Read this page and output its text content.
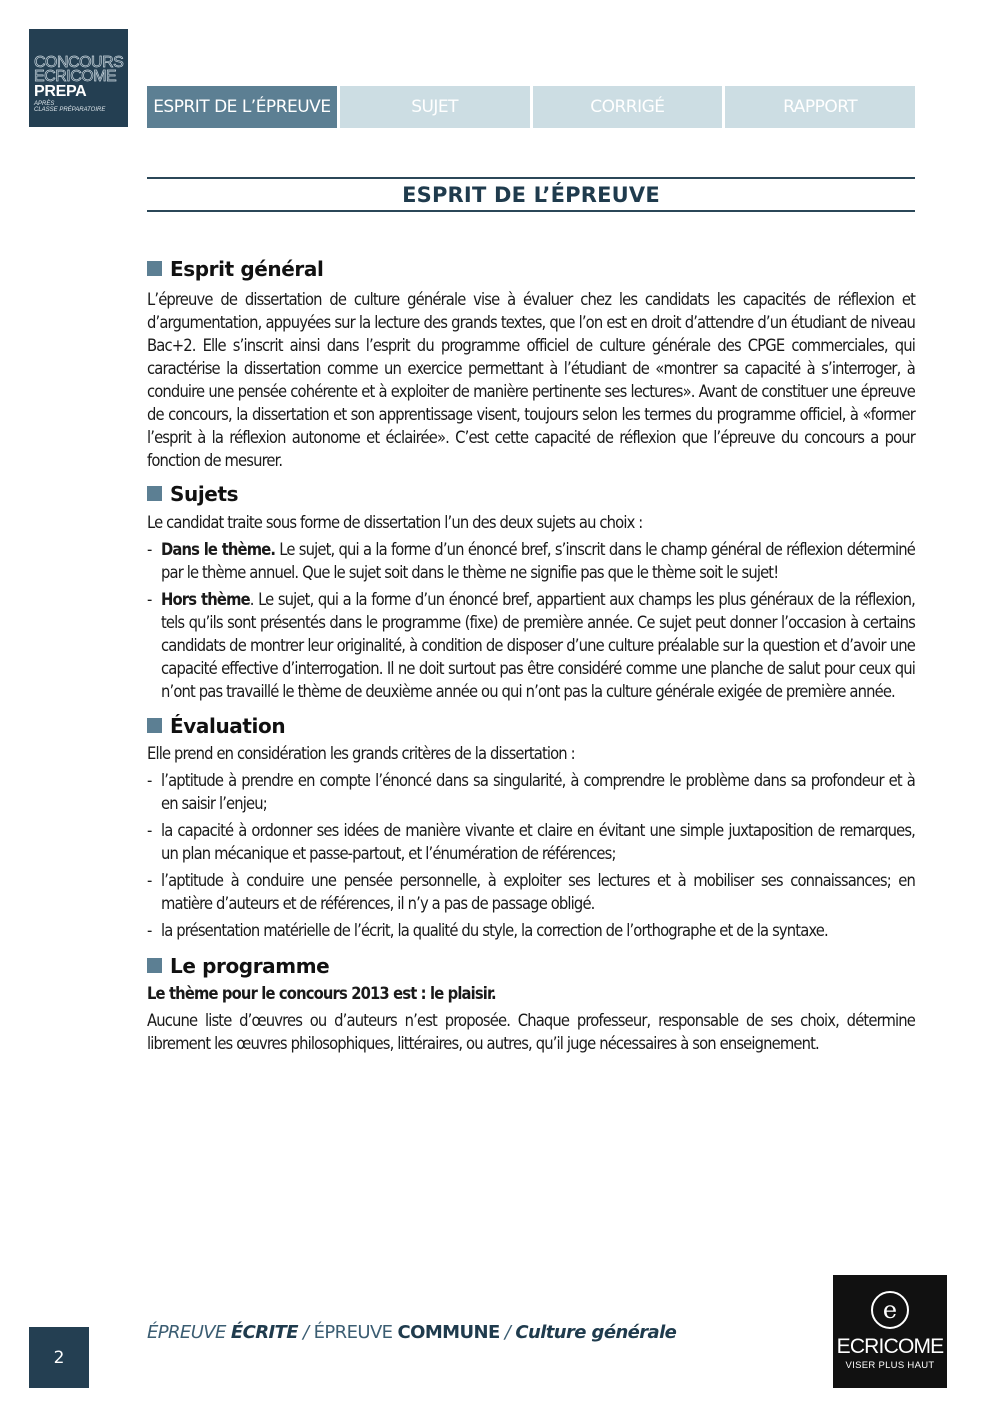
CONCOURS
ECRICOME
PREPA
APRÈS
CLASSE PRÉPARATOIRE	ESPRIT DE L’ÉPREUVE	SUJET	CORRIGÉ	RAPPORT
ESPRIT DE L’ÉPREUVE
Esprit général

L’épreuve de dissertation de culture générale vise à évaluer chez les candidats les capacités de réflexion et d’argumentation, appuyées sur la lecture des grands textes, que l’on est en droit d’attendre d’un étudiant de niveau Bac+2. Elle s’inscrit ainsi dans l’esprit du programme officiel de culture générale des CPGE commerciales, qui caractérise la dissertation comme un exercice permettant à l’étudiant de «montrer sa capacité à s’interroger, à conduire une pensée cohérente et à exploiter de manière pertinente ses lectures». Avant de constituer une épreuve de concours, la dissertation et son apprentissage visent, toujours selon les termes du programme officiel, à «former l’esprit à la réflexion autonome et éclairée». C’est cette capacité de réflexion que l’épreuve du concours a pour fonction de mesurer.

Sujets

Le candidat traite sous forme de dissertation l’un des deux sujets au choix :

- Dans le thème. Le sujet, qui a la forme d’un énoncé bref, s’inscrit dans le champ général de réflexion déterminé par le thème annuel. Que le sujet soit dans le thème ne signifie pas que le thème soit le sujet!
- Hors thème. Le sujet, qui a la forme d’un énoncé bref, appartient aux champs les plus généraux de la réflexion, tels qu’ils sont présentés dans le programme (fixe) de première année. Ce sujet peut donner l’occasion à certains candidats de montrer leur originalité, à condition de disposer d’une culture préalable sur la question et d’avoir une capacité effective d’interrogation. Il ne doit surtout pas être considéré comme une planche de salut pour ceux qui n’ont pas travaillé le thème de deuxième année ou qui n’ont pas la culture générale exigée de première année.
Évaluation

Elle prend en considération les grands critères de la dissertation :

- l’aptitude à prendre en compte l’énoncé dans sa singularité, à comprendre le problème dans sa profondeur et à en saisir l’enjeu;
- la capacité à ordonner ses idées de manière vivante et claire en évitant une simple juxtaposition de remarques, un plan mécanique et passe-partout, et l’énumération de références;
- l’aptitude à conduire une pensée personnelle, à exploiter ses lectures et à mobiliser ses connaissances; en matière d’auteurs et de références, il n’y a pas de passage obligé.
- la présentation matérielle de l’écrit, la qualité du style, la correction de l’orthographe et de la syntaxe.
Le programme

Le thème pour le concours 2013 est : le plaisir.

Aucune liste d’œuvres ou d’auteurs n’est proposée. Chaque professeur, responsable de ses choix, détermine librement les œuvres philosophiques, littéraires, ou autres, qu’il juge nécessaires à son enseignement.

2
ÉPREUVE ÉCRITE / ÉPREUVE COMMUNE / Culture générale
e
ECRICOME
VISER PLUS HAUT
